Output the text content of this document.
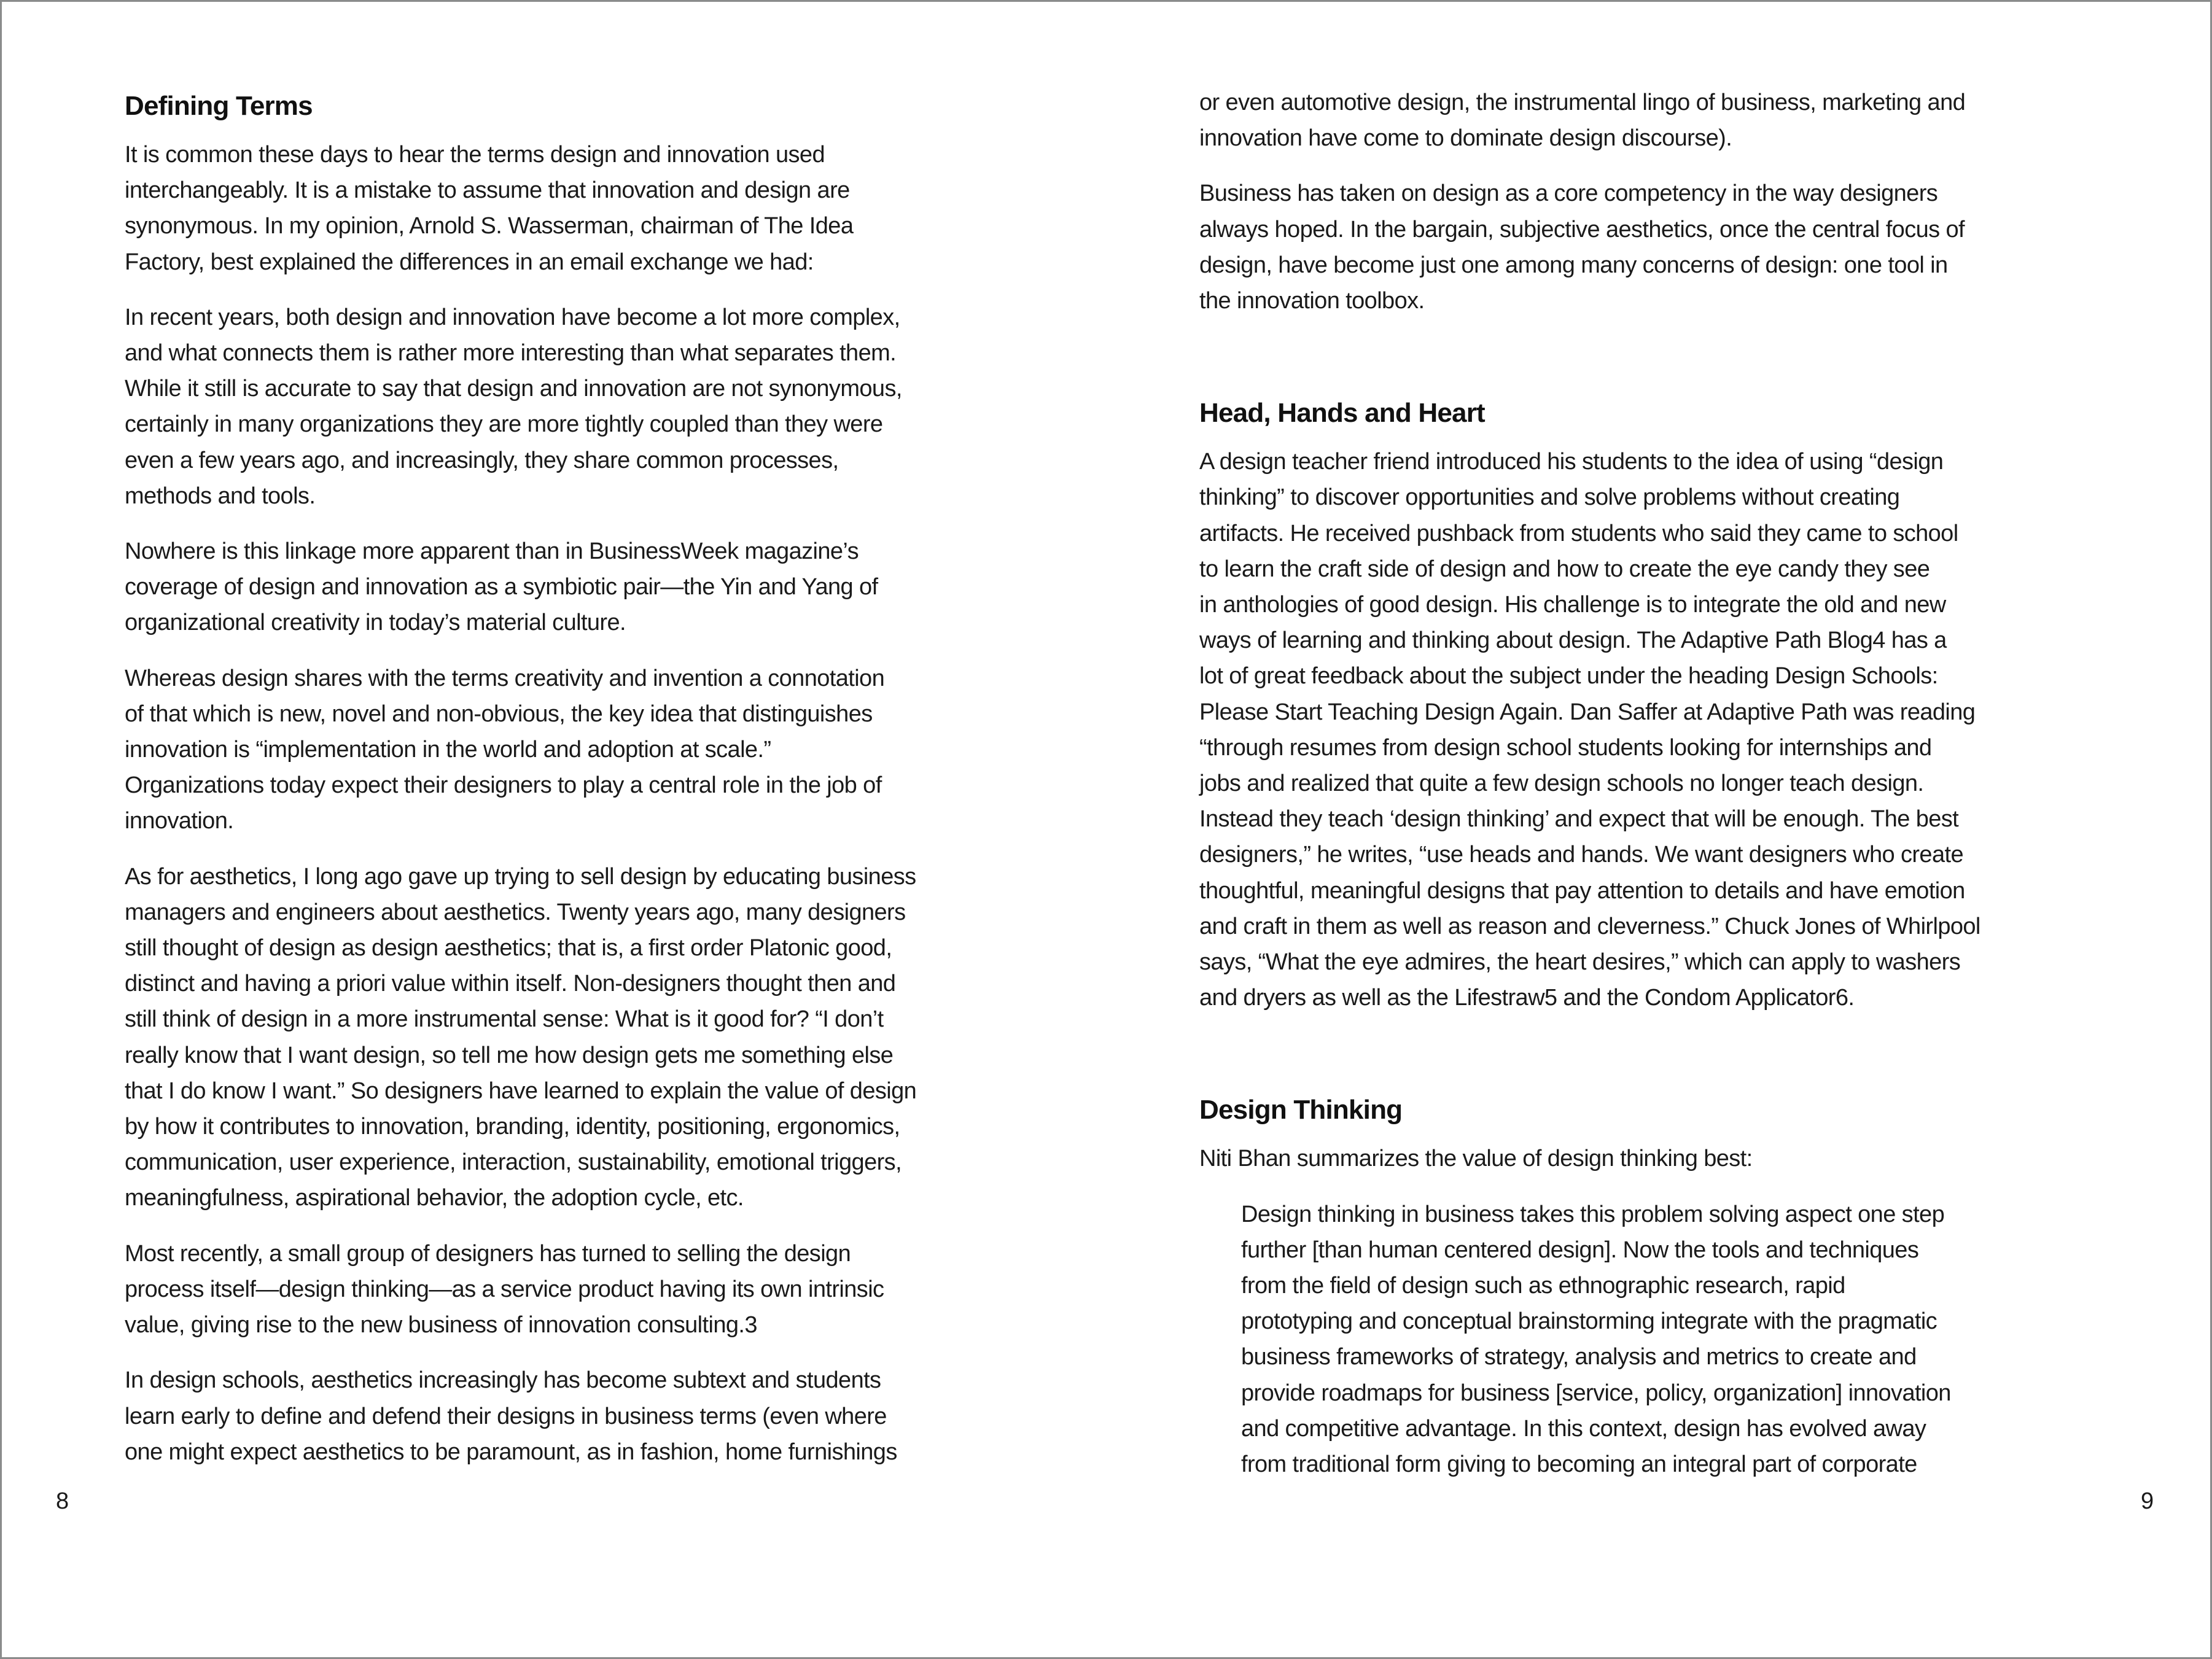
Defining Terms

It is common these days to hear the terms design and innovation used
interchangeably. It is a mistake to assume that innovation and design are
synonymous. In my opinion, Arnold S. Wasserman, chairman of The Idea
Factory, best explained the differences in an email exchange we had:

In recent years, both design and innovation have become a lot more complex,
and what connects them is rather more interesting than what separates them.
While it still is accurate to say that design and innovation are not synonymous,
certainly in many organizations they are more tightly coupled than they were
even a few years ago, and increasingly, they share common processes,
methods and tools.

Nowhere is this linkage more apparent than in BusinessWeek magazine’s
coverage of design and innovation as a symbiotic pair—the Yin and Yang of
organizational creativity in today’s material culture.

Whereas design shares with the terms creativity and invention a connotation
of that which is new, novel and non-obvious, the key idea that distinguishes
innovation is “implementation in the world and adoption at scale.”
Organizations today expect their designers to play a central role in the job of
innovation.

As for aesthetics, I long ago gave up trying to sell design by educating business
managers and engineers about aesthetics. Twenty years ago, many designers
still thought of design as design aesthetics; that is, a first order Platonic good,
distinct and having a priori value within itself. Non-designers thought then and
still think of design in a more instrumental sense: What is it good for? “I don’t
really know that I want design, so tell me how design gets me something else
that I do know I want.” So designers have learned to explain the value of design
by how it contributes to innovation, branding, identity, positioning, ergonomics,
communication, user experience, interaction, sustainability, emotional triggers,
meaningfulness, aspirational behavior, the adoption cycle, etc.

Most recently, a small group of designers has turned to selling the design
process itself—design thinking—as a service product having its own intrinsic
value, giving rise to the new business of innovation consulting.3

In design schools, aesthetics increasingly has become subtext and students
learn early to define and defend their designs in business terms (even where
one might expect aesthetics to be paramount, as in fashion, home furnishings

8

or even automotive design, the instrumental lingo of business, marketing and
innovation have come to dominate design discourse).

Business has taken on design as a core competency in the way designers
always hoped. In the bargain, subjective aesthetics, once the central focus of
design, have become just one among many concerns of design: one tool in
the innovation toolbox.

Head, Hands and Heart

A design teacher friend introduced his students to the idea of using “design
thinking” to discover opportunities and solve problems without creating
artifacts. He received pushback from students who said they came to school
to learn the craft side of design and how to create the eye candy they see
in anthologies of good design. His challenge is to integrate the old and new
ways of learning and thinking about design. The Adaptive Path Blog4 has a
lot of great feedback about the subject under the heading Design Schools:
Please Start Teaching Design Again. Dan Saffer at Adaptive Path was reading
“through resumes from design school students looking for internships and
jobs and realized that quite a few design schools no longer teach design.
Instead they teach ‘design thinking’ and expect that will be enough. The best
designers,” he writes, “use heads and hands. We want designers who create
thoughtful, meaningful designs that pay attention to details and have emotion
and craft in them as well as reason and cleverness.” Chuck Jones of Whirlpool
says, “What the eye admires, the heart desires,” which can apply to washers
and dryers as well as the Lifestraw5 and the Condom Applicator6.

Design Thinking

Niti Bhan summarizes the value of design thinking best:

Design thinking in business takes this problem solving aspect one step
further [than human centered design]. Now the tools and techniques
from the field of design such as ethnographic research, rapid
prototyping and conceptual brainstorming integrate with the pragmatic
business frameworks of strategy, analysis and metrics to create and
provide roadmaps for business [service, policy, organization] innovation
and competitive advantage. In this context, design has evolved away
from traditional form giving to becoming an integral part of corporate
9
